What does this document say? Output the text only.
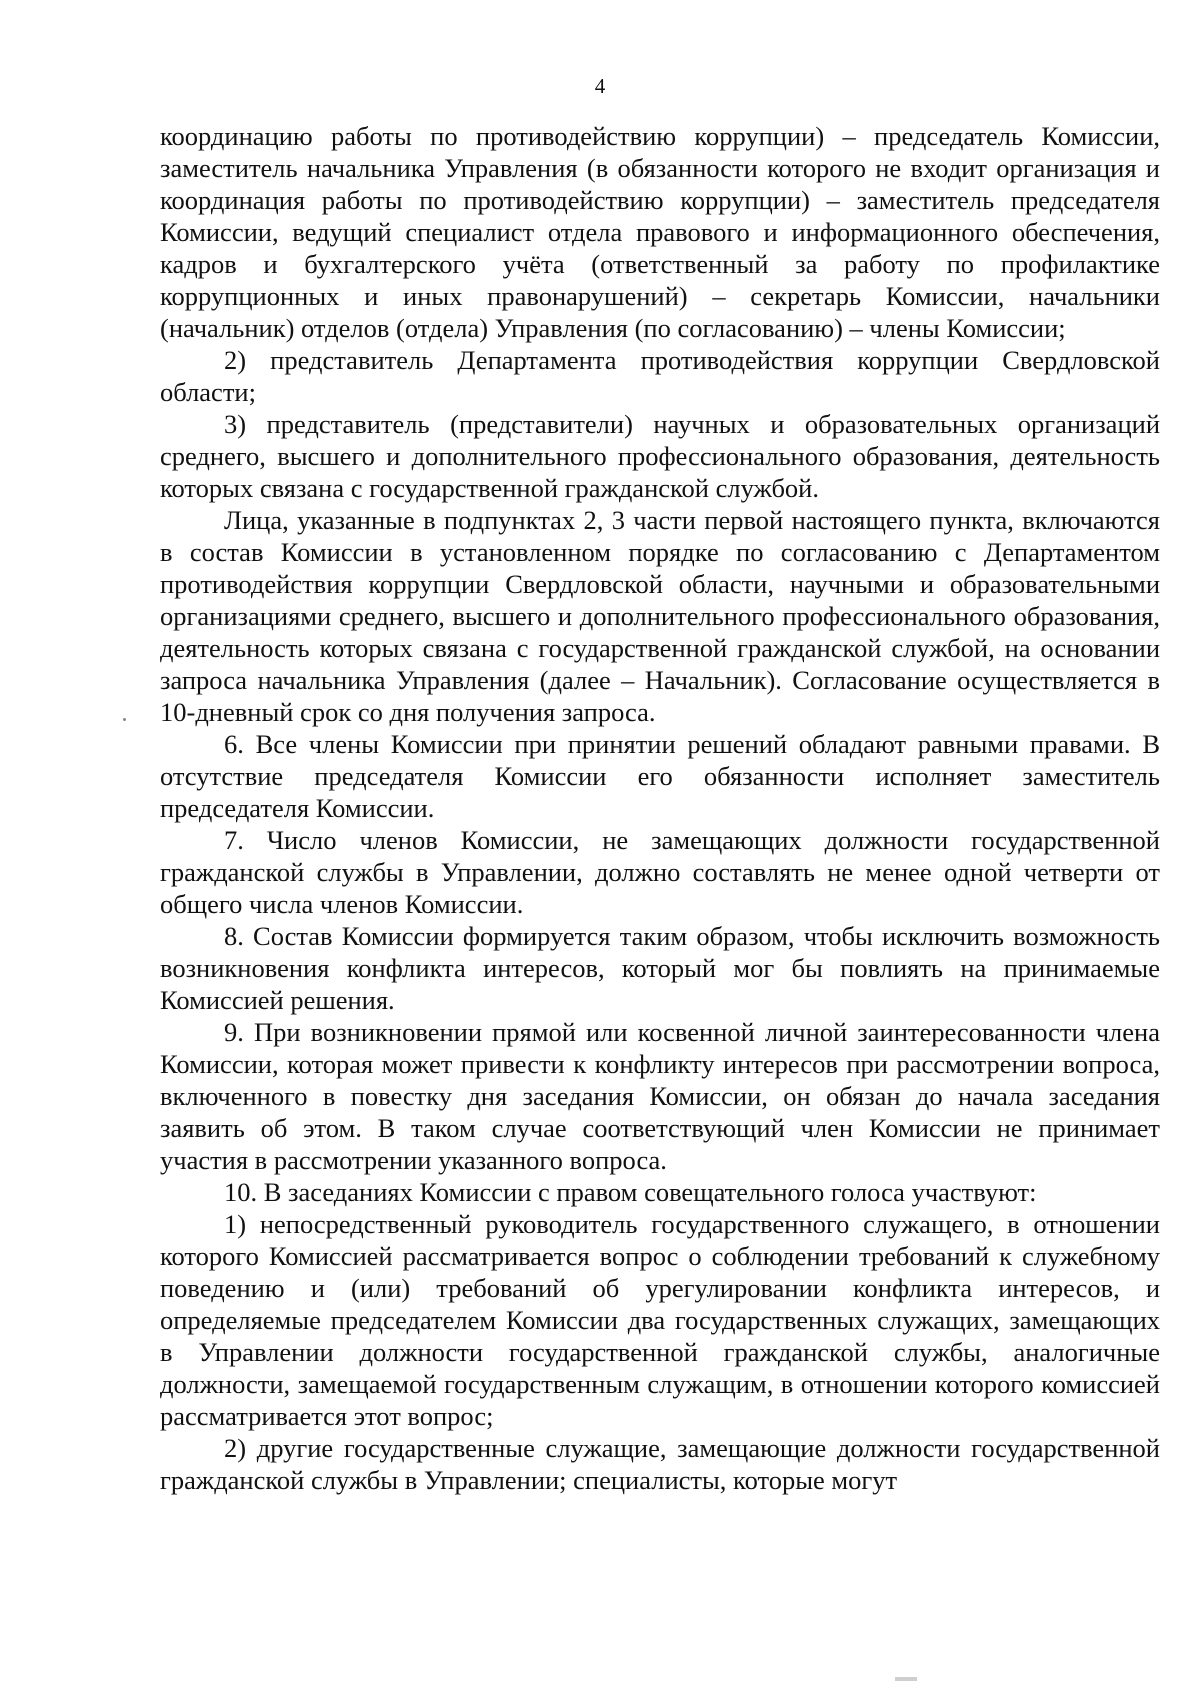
4

координацию работы по противодействию коррупции) – председатель Комиссии, заместитель начальника Управления (в обязанности которого не входит организация и координация работы по противодействию коррупции) – заместитель председателя Комиссии, ведущий специалист отдела правового и информационного обеспечения, кадров и бухгалтерского учёта (ответственный за работу по профилактике коррупционных и иных правонарушений) – секретарь Комиссии, начальники (начальник) отделов (отдела) Управления (по согласованию) – члены Комиссии;

2) представитель Департамента противодействия коррупции Свердловской области;

3) представитель (представители) научных и образовательных организаций среднего, высшего и дополнительного профессионального образования, деятельность которых связана с государственной гражданской службой.

Лица, указанные в подпунктах 2, 3 части первой настоящего пункта, включаются в состав Комиссии в установленном порядке по согласованию с Департаментом противодействия коррупции Свердловской области, научными и образовательными организациями среднего, высшего и дополнительного профессионального образования, деятельность которых связана с государственной гражданской службой, на основании запроса начальника Управления (далее – Начальник). Согласование осуществляется в 10-дневный срок со дня получения запроса.

6. Все члены Комиссии при принятии решений обладают равными правами. В отсутствие председателя Комиссии его обязанности исполняет заместитель председателя Комиссии.

7. Число членов Комиссии, не замещающих должности государственной гражданской службы в Управлении, должно составлять не менее одной четверти от общего числа членов Комиссии.

8. Состав Комиссии формируется таким образом, чтобы исключить возможность возникновения конфликта интересов, который мог бы повлиять на принимаемые Комиссией решения.

9. При возникновении прямой или косвенной личной заинтересованности члена Комиссии, которая может привести к конфликту интересов при рассмотрении вопроса, включенного в повестку дня заседания Комиссии, он обязан до начала заседания заявить об этом. В таком случае соответствующий член Комиссии не принимает участия в рассмотрении указанного вопроса.

10. В заседаниях Комиссии с правом совещательного голоса участвуют:

1) непосредственный руководитель государственного служащего, в отношении которого Комиссией рассматривается вопрос о соблюдении требований к служебному поведению и (или) требований об урегулировании конфликта интересов, и определяемые председателем Комиссии два государственных служащих, замещающих в Управлении должности государственной гражданской службы, аналогичные должности, замещаемой государственным служащим, в отношении которого комиссией рассматривается этот вопрос;

2) другие государственные служащие, замещающие должности государственной гражданской службы в Управлении; специалисты, которые могут
